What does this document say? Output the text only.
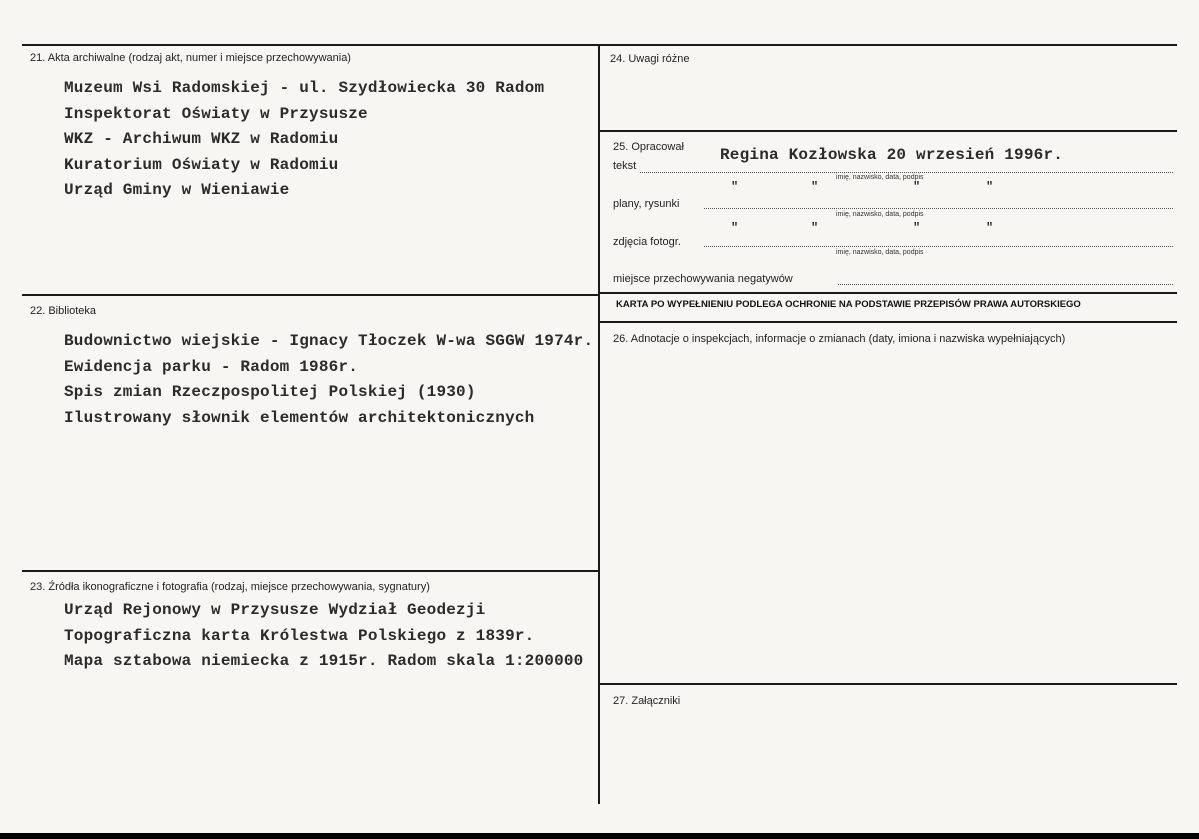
21. Akta archiwalne (rodzaj akt, numer i miejsce przechowywania)
Muzeum Wsi Radomskiej - ul. Szydłowiecka 30 Radom
Inspektorat Oświaty w Przysusze
WKZ - Archiwum WKZ w Radomiu
Kuratorium Oświaty w Radomiu
Urząd Gminy w Wieniawie
22. Biblioteka
Budownictwo wiejskie - Ignacy Tłoczek W-wa SGGW 1974r.
Ewidencja parku - Radom 1986r.
Spis zmian Rzeczpospolitej Polskiej (1930)
Ilustrowany słownik elementów architektonicznych
23. Źródła ikonograficzne i fotografia (rodzaj, miejsce przechowywania, sygnatury)
Urząd Rejonowy w Przysusze Wydział Geodezji
Topograficzna karta Królestwa Polskiego z 1839r.
Mapa sztabowa niemiecka z 1915r. Radom skala 1:200000
24. Uwagi różne
25. Opracował
tekst
Regina Kozłowska 20 wrzesień 1996r.
imię, nazwisko, data, podpis
"	"	"	"
plany, rysunki
imię, nazwisko, data, podpis
"	"	"	"
zdjęcia fotogr.
imię, nazwisko, data, podpis
miejsce przechowywania negatywów
KARTA PO WYPEŁNIENIU PODLEGA OCHRONIE NA PODSTAWIE PRZEPISÓW PRAWA AUTORSKIEGO
26. Adnotacje o inspekcjach, informacje o zmianach (daty, imiona i nazwiska wypełniających)
27. Załączniki
